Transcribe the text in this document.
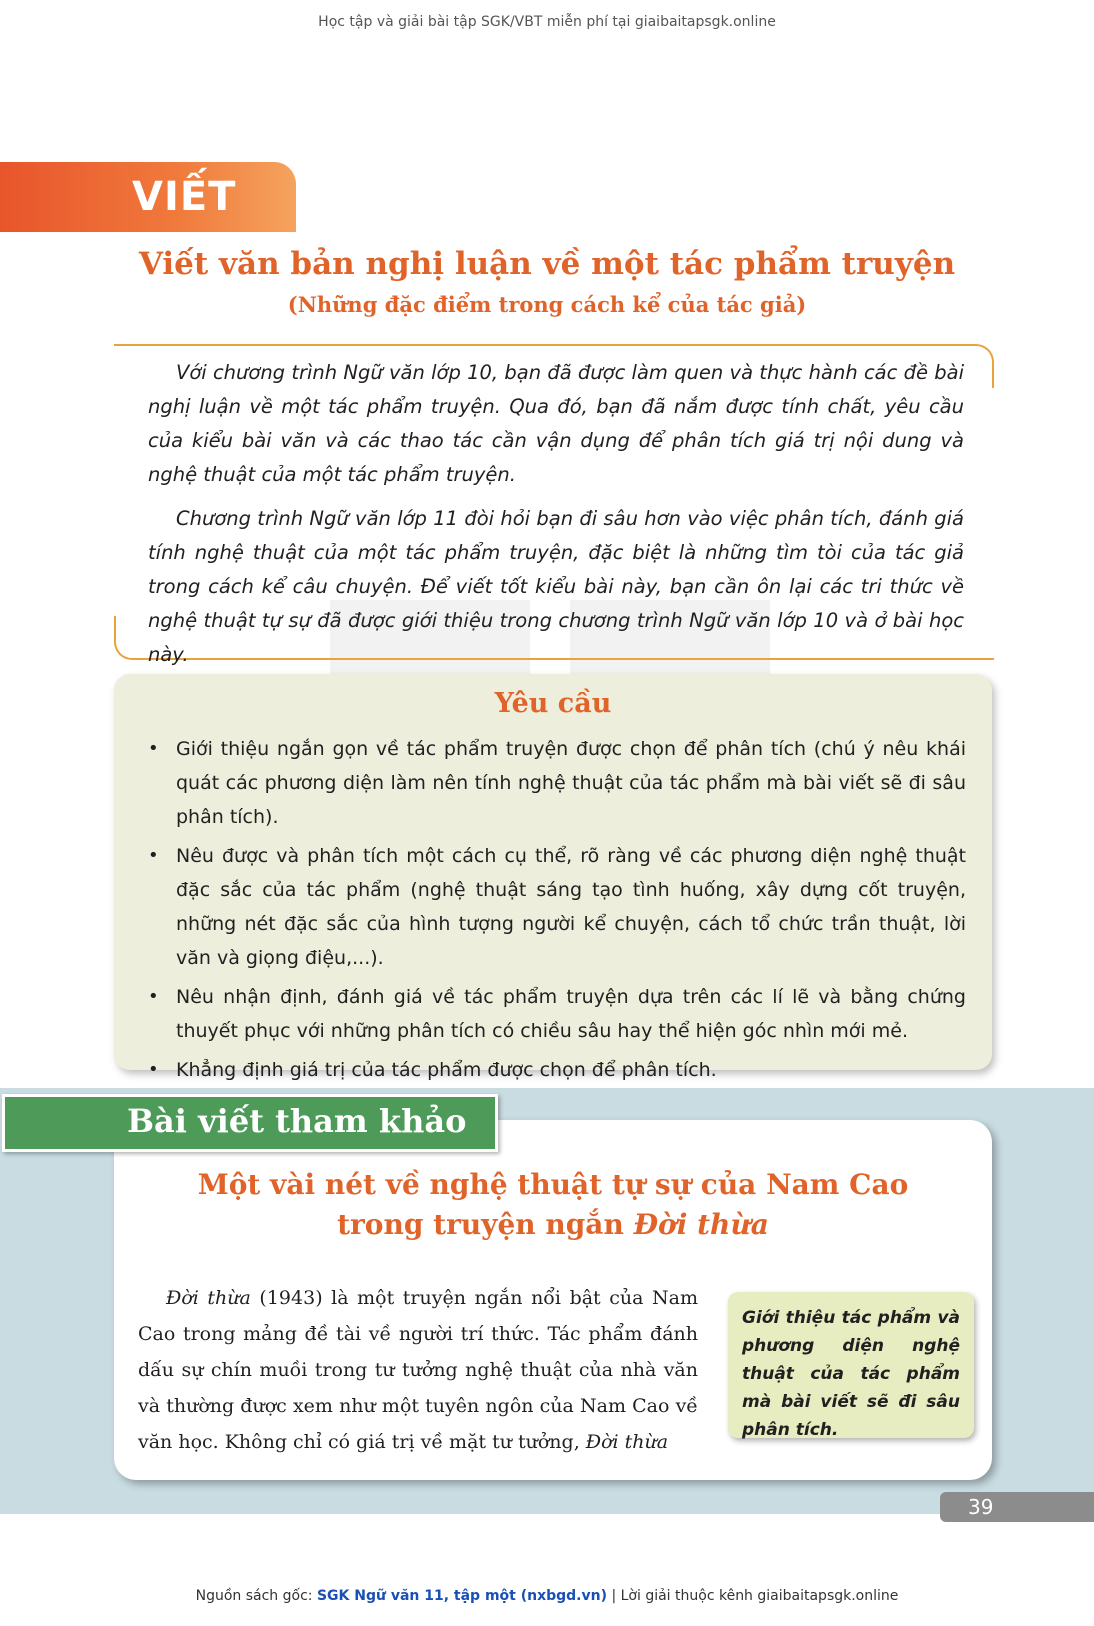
Học tập và giải bài tập SGK/VBT miễn phí tại giaibaitapsgk.online
VIẾT
Viết văn bản nghị luận về một tác phẩm truyện
(Những đặc điểm trong cách kể của tác giả)

Với chương trình Ngữ văn lớp 10, bạn đã được làm quen và thực hành các đề bài nghị luận về một tác phẩm truyện. Qua đó, bạn đã nắm được tính chất, yêu cầu của kiểu bài văn và các thao tác cần vận dụng để phân tích giá trị nội dung và nghệ thuật của một tác phẩm truyện.

Chương trình Ngữ văn lớp 11 đòi hỏi bạn đi sâu hơn vào việc phân tích, đánh giá tính nghệ thuật của một tác phẩm truyện, đặc biệt là những tìm tòi của tác giả trong cách kể câu chuyện. Để viết tốt kiểu bài này, bạn cần ôn lại các tri thức về nghệ thuật tự sự đã được giới thiệu trong chương trình Ngữ văn lớp 10 và ở bài học này.

Yêu cầu
• Giới thiệu ngắn gọn về tác phẩm truyện được chọn để phân tích (chú ý nêu khái quát các phương diện làm nên tính nghệ thuật của tác phẩm mà bài viết sẽ đi sâu phân tích).
• Nêu được và phân tích một cách cụ thể, rõ ràng về các phương diện nghệ thuật đặc sắc của tác phẩm (nghệ thuật sáng tạo tình huống, xây dựng cốt truyện, những nét đặc sắc của hình tượng người kể chuyện, cách tổ chức trần thuật, lời văn và giọng điệu,...).
• Nêu nhận định, đánh giá về tác phẩm truyện dựa trên các lí lẽ và bằng chứng thuyết phục với những phân tích có chiều sâu hay thể hiện góc nhìn mới mẻ.
• Khẳng định giá trị của tác phẩm được chọn để phân tích.
Bài viết tham khảo
Một vài nét về nghệ thuật tự sự của Nam Cao
trong truyện ngắn Đời thừa
Đời thừa (1943) là một truyện ngắn nổi bật của Nam Cao trong mảng đề tài về người trí thức. Tác phẩm đánh dấu sự chín muồi trong tư tưởng nghệ thuật của nhà văn và thường được xem như một tuyên ngôn của Nam Cao về văn học. Không chỉ có giá trị về mặt tư tưởng, Đời thừa
Giới thiệu tác phẩm và phương diện nghệ thuật của tác phẩm mà bài viết sẽ đi sâu phân tích.
39
Nguồn sách gốc: SGK Ngữ văn 11, tập một (nxbgd.vn) | Lời giải thuộc kênh giaibaitapsgk.online
